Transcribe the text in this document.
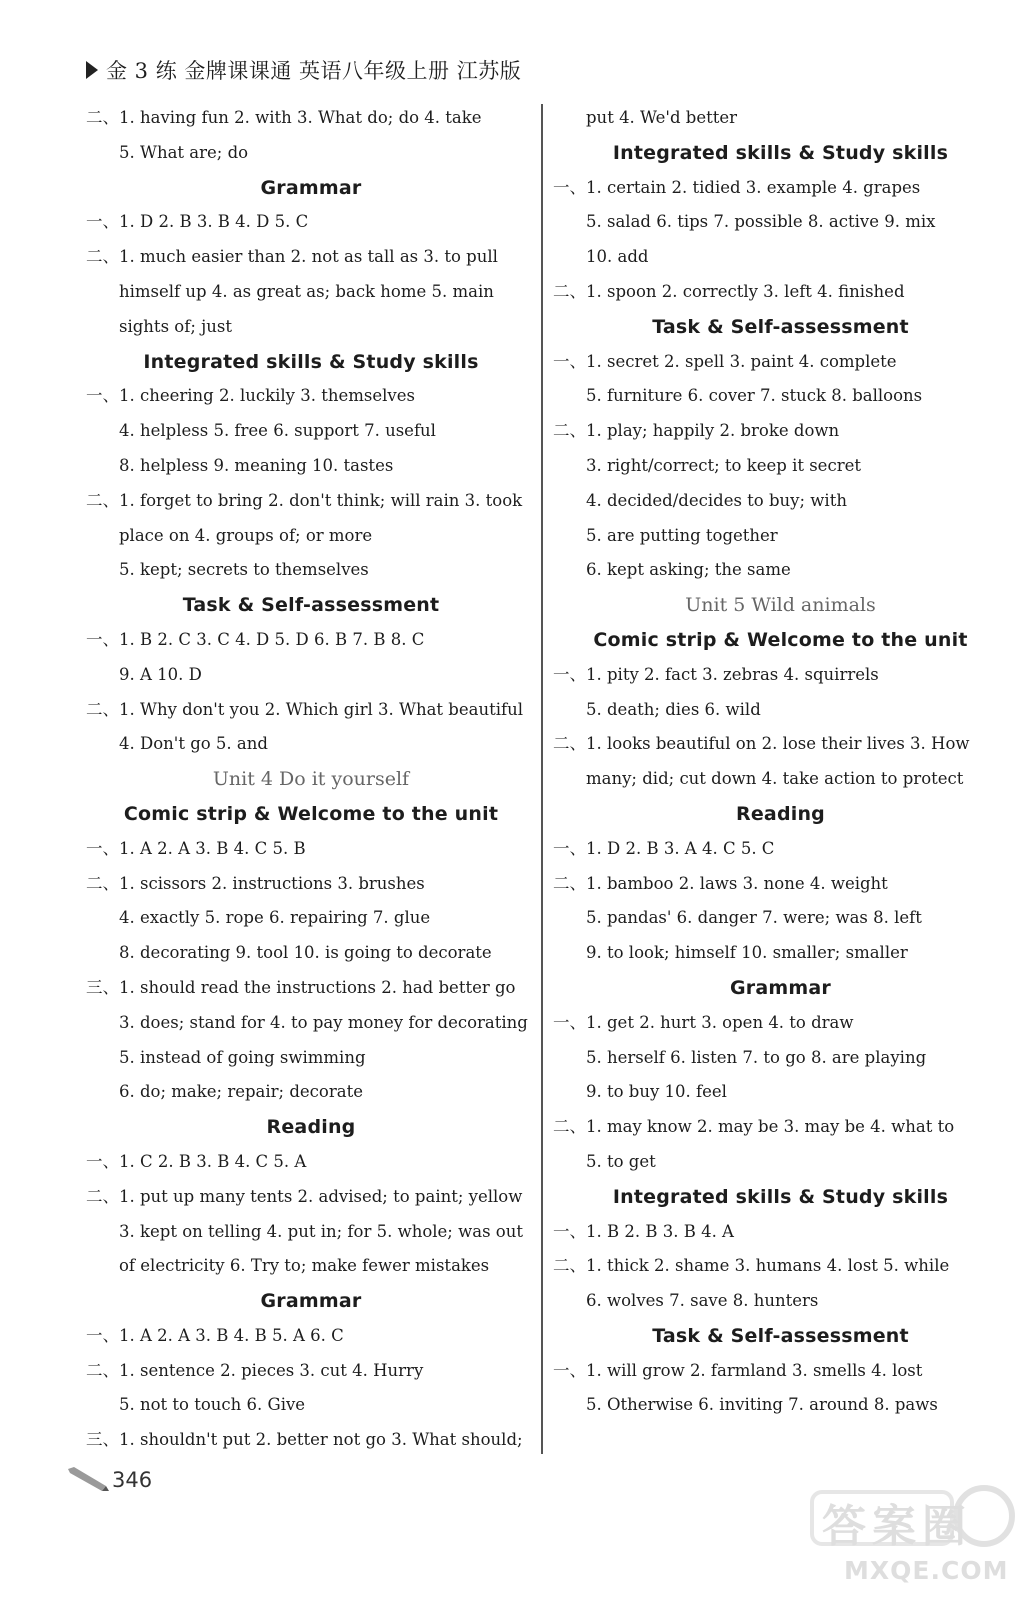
金 3 练 金牌课课通 英语八年级上册 江苏版
二、1. having fun 2. with 3. What do; do 4. take
5. What are; do
Grammar
一、1. D 2. B 3. B 4. D 5. C
二、1. much easier than 2. not as tall as 3. to pull
himself up 4. as great as; back home 5. main
sights of; just
Integrated skills & Study skills
一、1. cheering 2. luckily 3. themselves
4. helpless 5. free 6. support 7. useful
8. helpless 9. meaning 10. tastes
二、1. forget to bring 2. don't think; will rain 3. took
place on 4. groups of; or more
5. kept; secrets to themselves
Task & Self-assessment
一、1. B 2. C 3. C 4. D 5. D 6. B 7. B 8. C
9. A 10. D
二、1. Why don't you 2. Which girl 3. What beautiful
4. Don't go 5. and
Unit 4 Do it yourself
Comic strip & Welcome to the unit
一、1. A 2. A 3. B 4. C 5. B
二、1. scissors 2. instructions 3. brushes
4. exactly 5. rope 6. repairing 7. glue
8. decorating 9. tool 10. is going to decorate
三、1. should read the instructions 2. had better go
3. does; stand for 4. to pay money for decorating
5. instead of going swimming
6. do; make; repair; decorate
Reading
一、1. C 2. B 3. B 4. C 5. A
二、1. put up many tents 2. advised; to paint; yellow
3. kept on telling 4. put in; for 5. whole; was out
of electricity 6. Try to; make fewer mistakes
Grammar
一、1. A 2. A 3. B 4. B 5. A 6. C
二、1. sentence 2. pieces 3. cut 4. Hurry
5. not to touch 6. Give
三、1. shouldn't put 2. better not go 3. What should;
put 4. We'd better
Integrated skills & Study skills
一、1. certain 2. tidied 3. example 4. grapes
5. salad 6. tips 7. possible 8. active 9. mix
10. add
二、1. spoon 2. correctly 3. left 4. finished
Task & Self-assessment
一、1. secret 2. spell 3. paint 4. complete
5. furniture 6. cover 7. stuck 8. balloons
二、1. play; happily 2. broke down
3. right/correct; to keep it secret
4. decided/decides to buy; with
5. are putting together
6. kept asking; the same
Unit 5 Wild animals
Comic strip & Welcome to the unit
一、1. pity 2. fact 3. zebras 4. squirrels
5. death; dies 6. wild
二、1. looks beautiful on 2. lose their lives 3. How
many; did; cut down 4. take action to protect
Reading
一、1. D 2. B 3. A 4. C 5. C
二、1. bamboo 2. laws 3. none 4. weight
5. pandas' 6. danger 7. were; was 8. left
9. to look; himself 10. smaller; smaller
Grammar
一、1. get 2. hurt 3. open 4. to draw
5. herself 6. listen 7. to go 8. are playing
9. to buy 10. feel
二、1. may know 2. may be 3. may be 4. what to
5. to get
Integrated skills & Study skills
一、1. B 2. B 3. B 4. A
二、1. thick 2. shame 3. humans 4. lost 5. while
6. wolves 7. save 8. hunters
Task & Self-assessment
一、1. will grow 2. farmland 3. smells 4. lost
5. Otherwise 6. inviting 7. around 8. paws
346
答案圈
MXQE.COM
